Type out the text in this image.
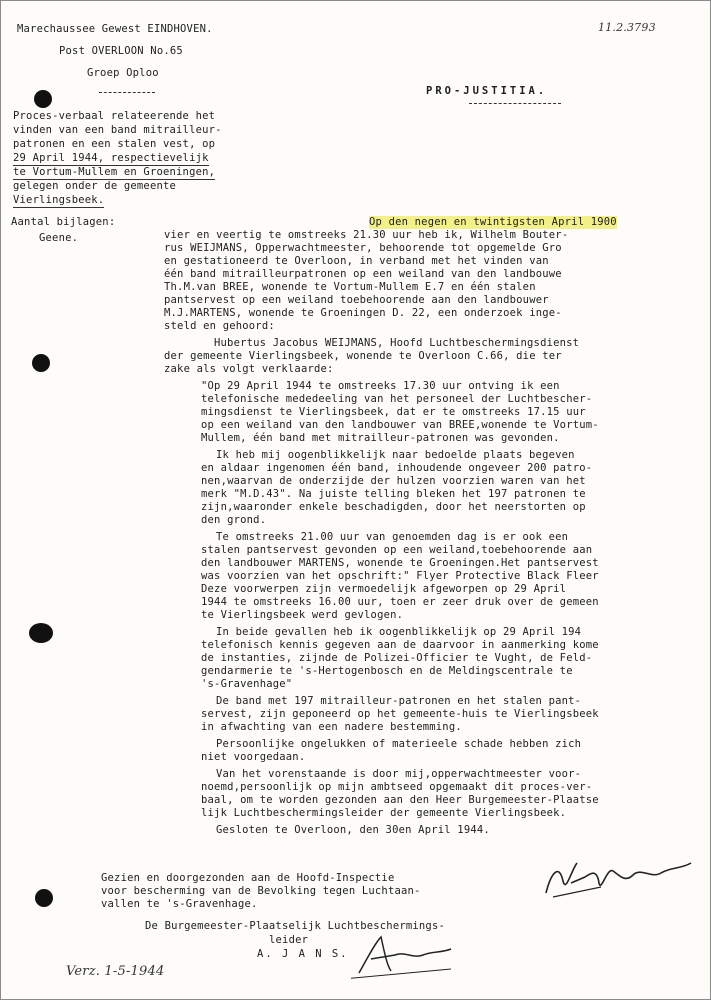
11.2.3793
Marechaussee Gewest EINDHOVEN.
Post OVERLOON No.65
Groep Oploo
PRO-JUSTITIA.
Proces-verbaal relateerende het
vinden van een band mitrailleur-
patronen en een stalen vest, op
29 April 1944, respectievelijk
te Vortum-Mullem en Groeningen,
gelegen onder de gemeente
Vierlingsbeek.
Aantal bijlagen:
Geene.
Op den negen en twintigsten April 1900
vier en veertig te omstreeks 21.30 uur heb ik, Wilhelm Bouter-
rus WEIJMANS, Opperwachtmeester, behoorende tot opgemelde Gro
en gestationeerd te Overloon, in verband met het vinden van
één band mitrailleurpatronen op een weiland van den landbouwe
Th.M.van BREE, wonende te Vortum-Mullem E.7 en één stalen
pantservest op een weiland toebehoorende aan den landbouwer
M.J.MARTENS, wonende te Groeningen D. 22, een onderzoek inge-
steld en gehoord:
Hubertus Jacobus WEIJMANS, Hoofd Luchtbeschermingsdienst
der gemeente Vierlingsbeek, wonende te Overloon C.66, die ter
zake als volgt verklaarde:
"Op 29 April 1944 te omstreeks 17.30 uur ontving ik een
telefonische mededeeling van het personeel der Luchtbescher-
mingsdienst te Vierlingsbeek, dat er te omstreeks 17.15 uur
op een weiland van den landbouwer van BREE,wonende te Vortum-
Mullem, één band met mitrailleur-patronen was gevonden.
Ik heb mij oogenblikkelijk naar bedoelde plaats begeven
en aldaar ingenomen één band, inhoudende ongeveer 200 patro-
nen,waarvan de onderzijde der hulzen voorzien waren van het
merk "M.D.43". Na juiste telling bleken het 197 patronen te
zijn,waaronder enkele beschadigden, door het neerstorten op
den grond.
Te omstreeks 21.00 uur van genoemden dag is er ook een
stalen pantservest gevonden op een weiland,toebehoorende aan
den landbouwer MARTENS, wonende te Groeningen.Het pantservest
was voorzien van het opschrift:" Flyer Protective Black Fleer
Deze voorwerpen zijn vermoedelijk afgeworpen op 29 April
1944 te omstreeks 16.00 uur, toen er zeer druk over de gemeen
te Vierlingsbeek werd gevlogen.
In beide gevallen heb ik oogenblikkelijk op 29 April 194
telefonisch kennis gegeven aan de daarvoor in aanmerking kome
de instanties, zijnde de Polizei-Officier te Vught, de Feld-
gendarmerie te 's-Hertogenbosch en de Meldingscentrale te
's-Gravenhage"
De band met 197 mitrailleur-patronen en het stalen pant-
servest, zijn geponeerd op het gemeente-huis te Vierlingsbeek
in afwachting van een nadere bestemming.
Persoonlijke ongelukken of materieele schade hebben zich
niet voorgedaan.
Van het vorenstaande is door mij,opperwachtmeester voor-
noemd,persoonlijk op mijn ambtseed opgemaakt dit proces-ver-
baal, om te worden gezonden aan den Heer Burgemeester-Plaatse
lijk Luchtbeschermingsleider der gemeente Vierlingsbeek.
Gesloten te Overloon, den 30en April 1944.
Gezien en doorgezonden aan de Hoofd-Inspectie
voor bescherming van de Bevolking tegen Luchtaan-
vallen te 's-Gravenhage.
De Burgemeester-Plaatselijk Luchtbeschermings-
leider
A. J A N S.
Verz. 1-5-1944
